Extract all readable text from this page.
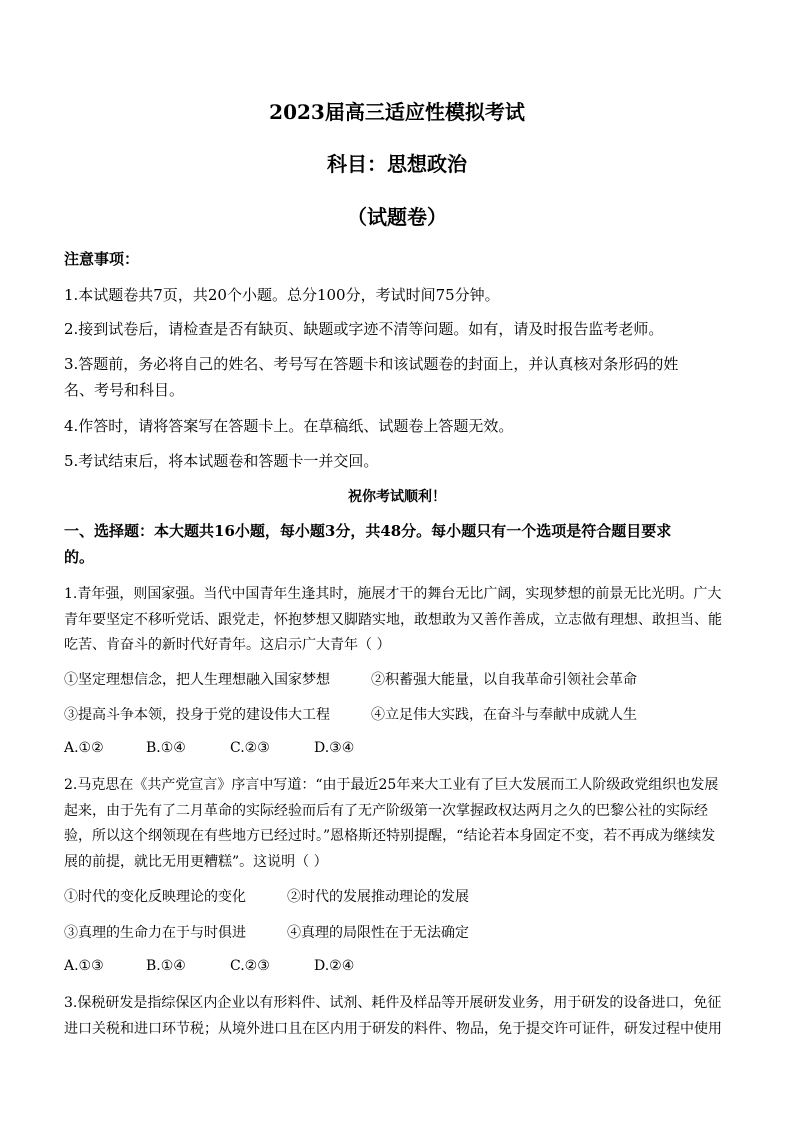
2023届高三适应性模拟考试
科目：思想政治
（试题卷）
注意事项：
1.本试题卷共7页，共20个小题。总分100分，考试时间75分钟。
2.接到试卷后，请检查是否有缺页、缺题或字迹不清等问题。如有，请及时报告监考老师。
3.答题前，务必将自己的姓名、考号写在答题卡和该试题卷的封面上，并认真核对条形码的姓
名、考号和科目。
4.作答时，请将答案写在答题卡上。在草稿纸、试题卷上答题无效。
5.考试结束后，将本试题卷和答题卡一并交回。
祝你考试顺利！
一、选择题：本大题共16小题，每小题3分，共48分。每小题只有一个选项是符合题目要求
的。
1.青年强，则国家强。当代中国青年生逢其时，施展才干的舞台无比广阔，实现梦想的前景无比光明。广大
青年要坚定不移听党话、跟党走，怀抱梦想又脚踏实地，敢想敢为又善作善成，立志做有理想、敢担当、能
吃苦、肯奋斗的新时代好青年。这启示广大青年（ ）
①坚定理想信念，把人生理想融入国家梦想	②积蓄强大能量，以自我革命引领社会革命
③提高斗争本领，投身于党的建设伟大工程	④立足伟大实践，在奋斗与奉献中成就人生
A.①②	B.①④	C.②③	D.③④
2.马克思在《共产党宣言》序言中写道：“由于最近25年来大工业有了巨大发展而工人阶级政党组织也发展
起来，由于先有了二月革命的实际经验而后有了无产阶级第一次掌握政权达两月之久的巴黎公社的实际经
验，所以这个纲领现在有些地方已经过时。”恩格斯还特别提醒，“结论若本身固定不变，若不再成为继续发
展的前提，就比无用更糟糕”。这说明（ ）
①时代的变化反映理论的变化	②时代的发展推动理论的发展
③真理的生命力在于与时俱进	④真理的局限性在于无法确定
A.①③	B.①④	C.②③	D.②④
3.保税研发是指综保区内企业以有形料件、试剂、耗件及样品等开展研发业务，用于研发的设备进口，免征
进口关税和进口环节税；从境外进口且在区内用于研发的料件、物品，免于提交许可证件，研发过程中使用
